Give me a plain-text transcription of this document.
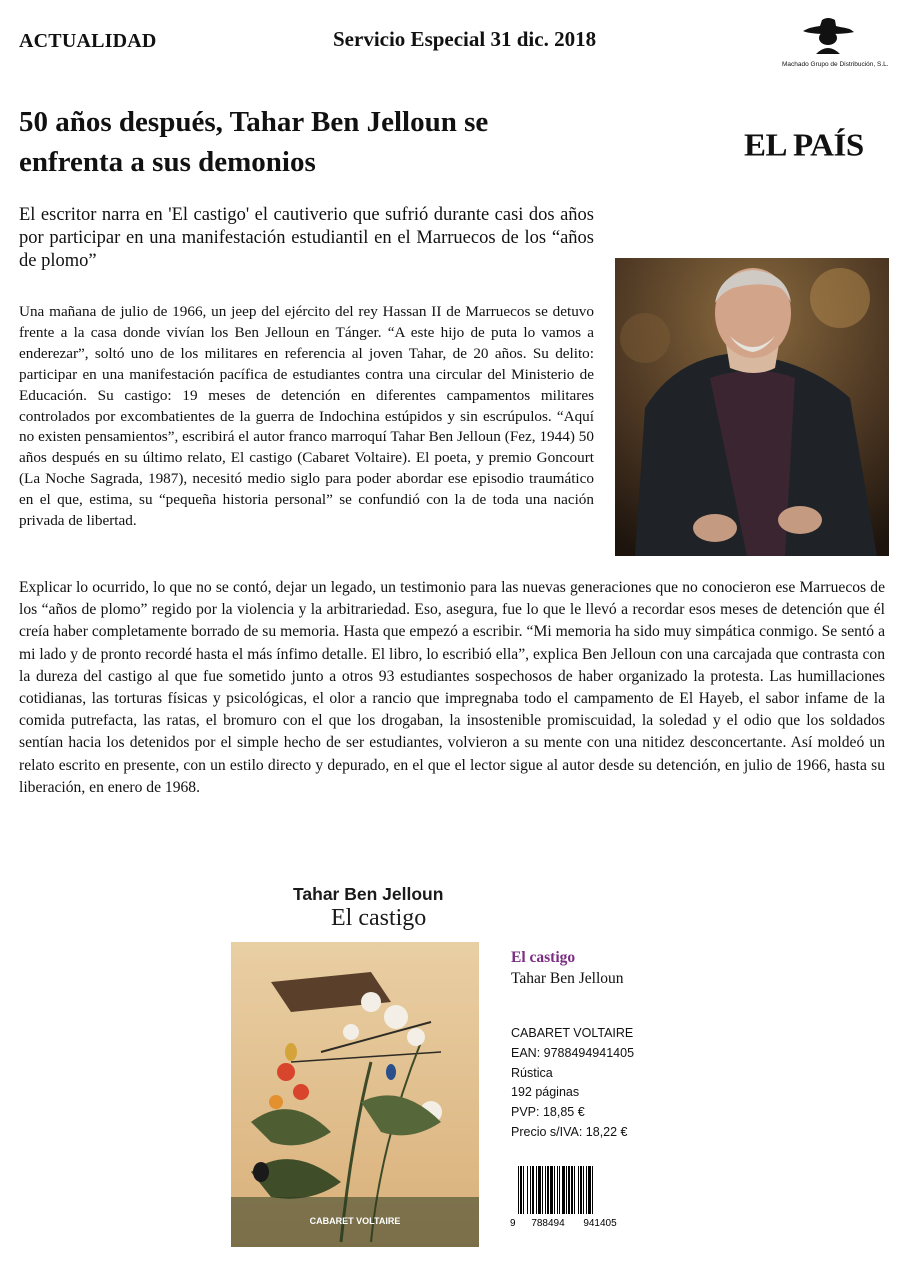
ACTUALIDAD	Servicio Especial 31 dic. 2018
Machado Grupo de Distribución, S.L.
50 años después, Tahar Ben Jelloun se
enfrenta a sus demonios	EL PAÍS
El escritor narra en 'El castigo' el cautiverio que sufrió durante casi dos años por participar en una manifestación estudiantil en el Marruecos de los “años de plomo”
Una mañana de julio de 1966, un jeep del ejército del rey Hassan II de Marruecos se detuvo frente a la casa donde vivían los Ben Jelloun en Tánger. “A este hijo de puta lo vamos a enderezar”, soltó uno de los militares en referencia al joven Tahar, de 20 años. Su delito: participar en una manifestación pacífica de estudiantes contra una circular del Ministerio de Educación. Su castigo: 19 meses de detención en diferentes campamentos militares controlados por excombatientes de la guerra de Indochina estúpidos y sin escrúpulos. “Aquí no existen pensamientos”, escribirá el autor franco marroquí Tahar Ben Jelloun (Fez, 1944) 50 años después en su último relato, El castigo (Cabaret Voltaire). El poeta, y premio Goncourt (La Noche Sagrada, 1987), necesitó medio siglo para poder abordar ese episodio traumático en el que, estima, su “pequeña historia personal” se confundió con la de toda una nación privada de libertad.
Explicar lo ocurrido, lo que no se contó, dejar un legado, un testimonio para las nuevas generaciones que no conocieron ese Marruecos de los “años de plomo” regido por la violencia y la arbitrariedad. Eso, asegura, fue lo que le llevó a recordar esos meses de detención que él creía haber completamente borrado de su memoria. Hasta que empezó a escribir. “Mi memoria ha sido muy simpática conmigo. Se sentó a mi lado y de pronto recordé hasta el más ínfimo detalle. El libro, lo escribió ella”, explica Ben Jelloun con una carcajada que contrasta con la dureza del castigo al que fue sometido junto a otros 93 estudiantes sospechosos de haber organizado la protesta. Las humillaciones cotidianas, las torturas físicas y psicológicas, el olor a rancio que impregnaba todo el campamento de El Hayeb, el sabor infame de la comida putrefacta, las ratas, el bromuro con el que los drogaban, la insostenible promiscuidad, la soledad y el odio que los soldados sentían hacia los detenidos por el simple hecho de ser estudiantes, volvieron a su mente con una nitidez desconcertante. Así moldeó un relato escrito en presente, con un estilo directo y depurado, en el que el lector sigue al autor desde su detención, en julio de 1966, hasta su liberación, en enero de 1968.
Tahar Ben Jelloun
El castigo
CABARET VOLTAIRE
El castigo
Tahar Ben Jelloun
CABARET VOLTAIRE
EAN: 9788494941405
Rústica
192 páginas
PVP: 18,85 €
Precio s/IVA: 18,22 €
9 788494 941405
